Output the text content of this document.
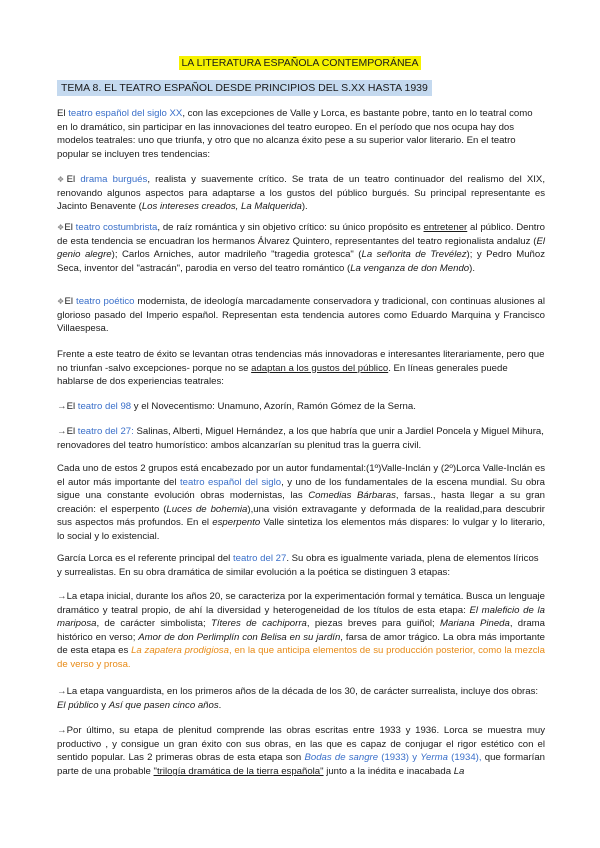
LA LITERATURA ESPAÑOLA CONTEMPORÁNEA
TEMA 8. EL TEATRO ESPAÑOL DESDE PRINCIPIOS DEL S.XX HASTA 1939

El teatro español del siglo XX, con las excepciones de Valle y Lorca, es bastante pobre, tanto en lo teatral como en lo dramático, sin participar en las innovaciones del teatro europeo. En el período que nos ocupa hay dos modelos teatrales: uno que triunfa, y otro que no alcanza éxito pese a su superior valor literario. En el teatro popular se incluyen tres tendencias:

❖El drama burgués, realista y suavemente crítico. Se trata de un teatro continuador del realismo del XIX, renovando algunos aspectos para adaptarse a los gustos del público burgués. Su principal representante es Jacinto Benavente (Los intereses creados, La Malquerida).

❖El teatro costumbrista, de raíz romántica y sin objetivo crítico: su único propósito es entretener al público. Dentro de esta tendencia se encuadran los hermanos Álvarez Quintero, representantes del teatro regionalista andaluz (El genio alegre); Carlos Arniches, autor madrileño "tragedia grotesca" (La señorita de Trevélez); y Pedro Muñoz Seca, inventor del "astracán", parodia en verso del teatro romántico (La venganza de don Mendo).

❖El teatro poético modernista, de ideología marcadamente conservadora y tradicional, con continuas alusiones al glorioso pasado del Imperio español. Representan esta tendencia autores como Eduardo Marquina y Francisco Villaespesa.

Frente a este teatro de éxito se levantan otras tendencias más innovadoras e interesantes literariamente, pero que no triunfan -salvo excepciones- porque no se adaptan a los gustos del público. En líneas generales puede hablarse de dos experiencias teatrales:

→El teatro del 98 y el Novecentismo: Unamuno, Azorín, Ramón Gómez de la Serna.

→El teatro del 27: Salinas, Alberti, Miguel Hernández, a los que habría que unir a Jardiel Poncela y Miguel Mihura, renovadores del teatro humorístico: ambos alcanzarían su plenitud tras la guerra civil.

Cada uno de estos 2 grupos está encabezado por un autor fundamental:(1º)Valle-Inclán y (2º)Lorca Valle-Inclán es el autor más importante del teatro español del siglo, y uno de los fundamentales de la escena mundial. Su obra sigue una constante evolución obras modernistas, las Comedias Bárbaras, farsas., hasta llegar a su gran creación: el esperpento (Luces de bohemia),una visión extravagante y deformada de la realidad,para descubrir sus aspectos más profundos. En el esperpento Valle sintetiza los elementos más dispares: lo vulgar y lo literario, lo social y lo existencial.

García Lorca es el referente principal del teatro del 27. Su obra es igualmente variada, plena de elementos líricos y surrealistas. En su obra dramática de similar evolución a la poética se distinguen 3 etapas:

→La etapa inicial, durante los años 20, se caracteriza por la experimentación formal y temática. Busca un lenguaje dramático y teatral propio, de ahí la diversidad y heterogeneidad de los títulos de esta etapa: El maleficio de la mariposa, de carácter simbolista; Títeres de cachiporra, piezas breves para guiñol; Mariana Pineda, drama histórico en verso; Amor de don Perlimplín con Belisa en su jardín, farsa de amor trágico. La obra más importante de esta etapa es La zapatera prodigiosa, en la que anticipa elementos de su producción posterior, como la mezcla de verso y prosa.

→La etapa vanguardista, en los primeros años de la década de los 30, de carácter surrealista, incluye dos obras: El público y Así que pasen cinco años.

→Por último, su etapa de plenitud comprende las obras escritas entre 1933 y 1936. Lorca se muestra muy productivo , y consigue un gran éxito con sus obras, en las que es capaz de conjugar el rigor estético con el sentido popular. Las 2 primeras obras de esta etapa son Bodas de sangre (1933) y Yerma (1934), que formarían parte de una probable "trilogía dramática de la tierra española" junto a la inédita e inacabada La
